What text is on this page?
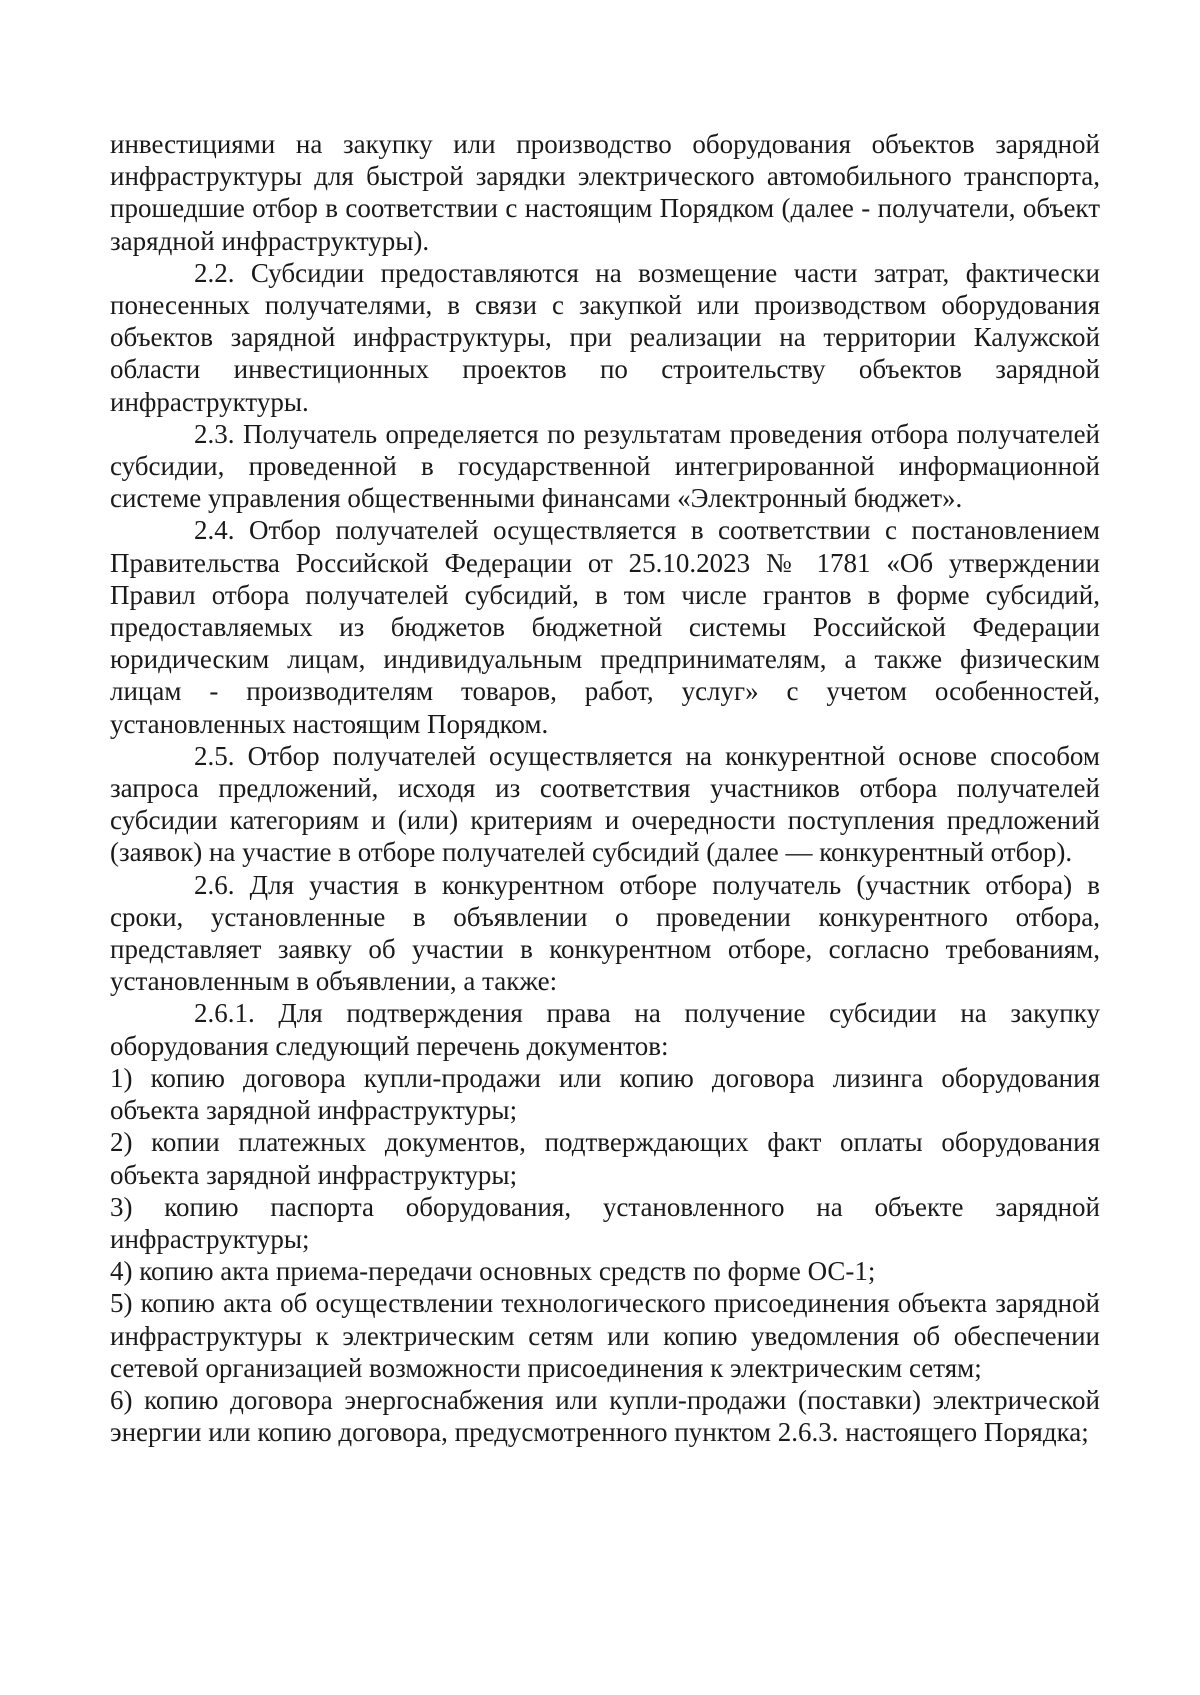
инвестициями на закупку или производство оборудования объектов зарядной инфраструктуры для быстрой зарядки электрического автомобильного транспорта, прошедшие отбор в соответствии с настоящим Порядком (далее - получатели, объект зарядной инфраструктуры).

2.2. Субсидии предоставляются на возмещение части затрат, фактически понесенных получателями, в связи с закупкой или производством оборудования объектов зарядной инфраструктуры, при реализации на территории Калужской области инвестиционных проектов по строительству объектов зарядной инфраструктуры.

2.3. Получатель определяется по результатам проведения отбора получателей субсидии, проведенной в государственной интегрированной информационной системе управления общественными финансами «Электронный бюджет».

2.4. Отбор получателей осуществляется в соответствии с постановлением Правительства Российской Федерации от 25.10.2023 № 1781 «Об утверждении Правил отбора получателей субсидий, в том числе грантов в форме субсидий, предоставляемых из бюджетов бюджетной системы Российской Федерации юридическим лицам, индивидуальным предпринимателям, а также физическим лицам - производителям товаров, работ, услуг» с учетом особенностей, установленных настоящим Порядком.

2.5. Отбор получателей осуществляется на конкурентной основе способом запроса предложений, исходя из соответствия участников отбора получателей субсидии категориям и (или) критериям и очередности поступления предложений (заявок) на участие в отборе получателей субсидий (далее — конкурентный отбор).

2.6. Для участия в конкурентном отборе получатель (участник отбора) в сроки, установленные в объявлении о проведении конкурентного отбора, представляет заявку об участии в конкурентном отборе, согласно требованиям, установленным в объявлении, а также:

2.6.1. Для подтверждения права на получение субсидии на закупку оборудования следующий перечень документов:

1) копию договора купли-продажи или копию договора лизинга оборудования объекта зарядной инфраструктуры;

2) копии платежных документов, подтверждающих факт оплаты оборудования объекта зарядной инфраструктуры;

3) копию паспорта оборудования, установленного на объекте зарядной инфраструктуры;

4) копию акта приема-передачи основных средств по форме ОС-1;

5) копию акта об осуществлении технологического присоединения объекта зарядной инфраструктуры к электрическим сетям или копию уведомления об обеспечении сетевой организацией возможности присоединения к электрическим сетям;

6) копию договора энергоснабжения или купли-продажи (поставки) электрической энергии или копию договора, предусмотренного пунктом 2.6.3. настоящего Порядка;
